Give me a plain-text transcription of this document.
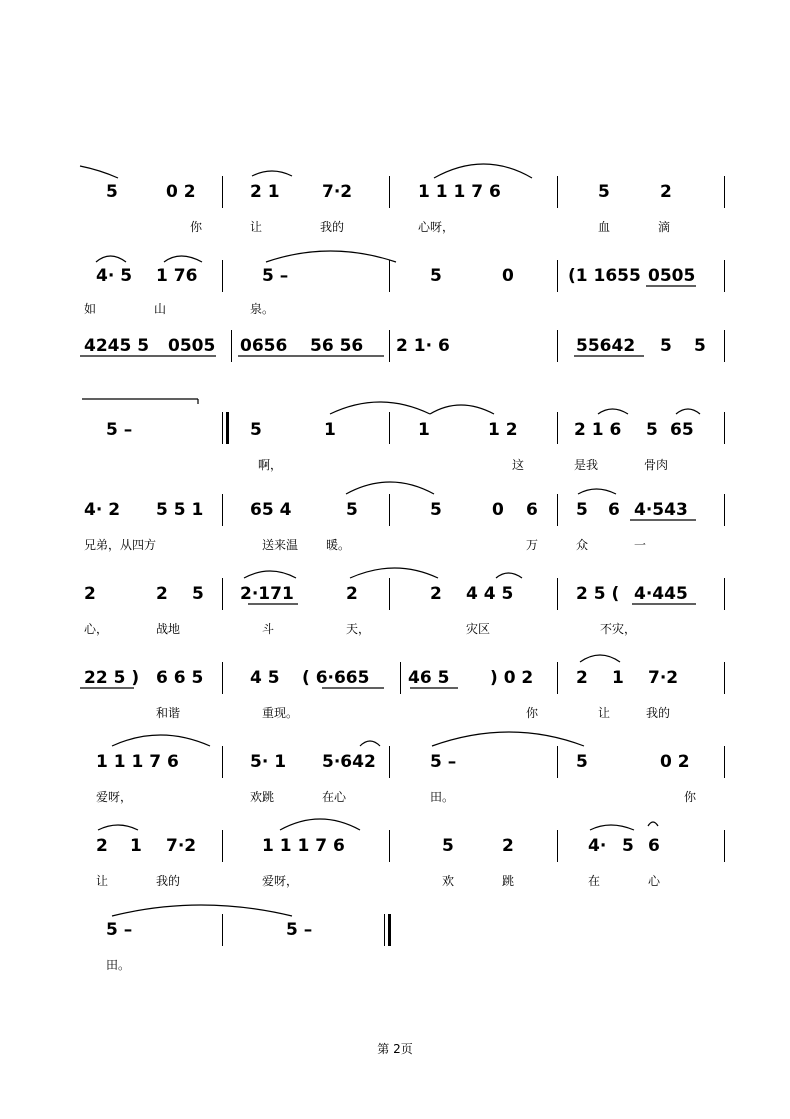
5	0 2	2 1 7·2	1 1 1 7 6	5	2
你	让	我的	心呀，	血	滴
4· 5 1 76	5 –	5	0	(1 1655 0505
如	山	泉。
4245 5 0505 0656 56 56 2 1· 6	55642 5 5
5 –	5	1	1	1 2	2 1 6 5 65
啊，	这	是我	骨肉
4· 2 5 5 1	65 4	5	5	0 6 5 6 4·543
兄弟，从四方	送来温 暖。	万	众	一
2	2 5 2·171	2	2 4 4 5	2 5 ( 4·445
心，	战地	斗	天，	灾区	不灾，
22 5 ) 6 6 5	4 5 ( 6·665 46 5 ) 0 2	2 1 7·2
和谐	重现。	你	让	我的
1 1 1 7 6	5· 1 5·642	5 –	5	0 2
爱呀，	欢跳	在心	田。	你
2 1 7·2	1 1 1 7 6	5	2	4· 5 6
让	我的	爱呀，	欢	跳	在	心
5 –	5 –
田。
第 2页
